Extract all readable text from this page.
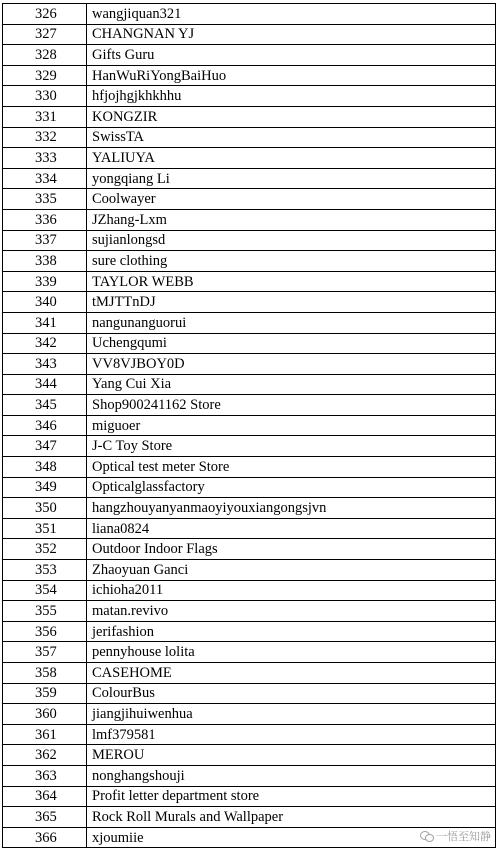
326	wangjiquan321
327	CHANGNAN YJ
328	Gifts Guru
329	HanWuRiYongBaiHuo
330	hfjojhgjkhkhhu
331	KONGZIR
332	SwissTA
333	YALIUYA
334	yongqiang Li
335	Coolwayer
336	JZhang-Lxm
337	sujianlongsd
338	sure clothing
339	TAYLOR WEBB
340	tMJTTnDJ
341	nangunanguorui
342	Uchengqumi
343	VV8VJBOY0D
344	Yang Cui Xia
345	Shop900241162 Store
346	miguoer
347	J-C Toy Store
348	Optical test meter Store
349	Opticalglassfactory
350	hangzhouyanyanmaoyiyouxiangongsjvn
351	liana0824
352	Outdoor Indoor Flags
353	Zhaoyuan Ganci
354	ichioha2011
355	matan.revivo
356	jerifashion
357	pennyhouse lolita
358	CASEHOME
359	ColourBus
360	jiangjihuiwenhua
361	lmf379581
362	MEROU
363	nonghangshouji
364	Profit letter department store
365	Rock Roll Murals and Wallpaper
366	xjoumiie	一悟至知静
